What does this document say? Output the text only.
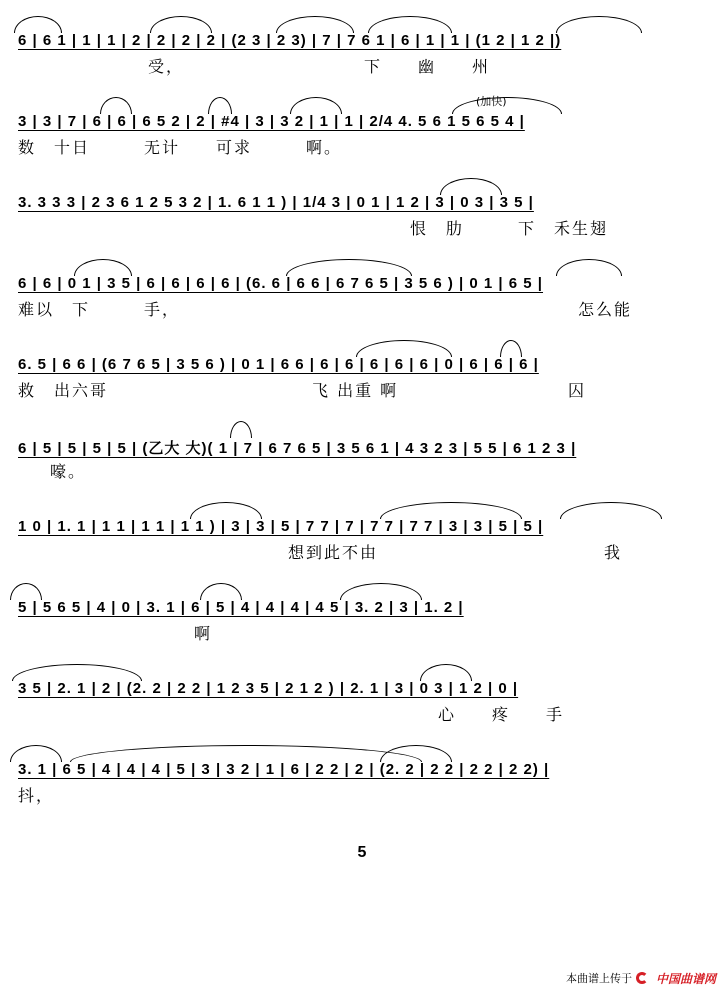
6 | 6 1 | 1 | 1 | 2 | 2 | 2 | 2 | (2 3 | 2 3) | 7 | 7 6 1 | 6 | 1 | 1 | (1 2 | 1 2 |)
受，	下　　幽　　州
3 | 3 | 7 | 6 | 6 | 6 5 2 | 2 | #4 | 3 | 3 2 | 1 | 1 | 2/4 4. 5 6 1 5 6 5 4 |
(加快)
数　十日　　　无计　　可求　　　啊。
3. 3 3 3 | 2 3 6 1 2 5 3 2 | 1. 6 1 1 ) | 1/4 3 | 0 1 | 1 2 | 3 | 0 3 | 3 5 |
恨　肋　　　下　禾生翅
6 | 6 | 0 1 | 3 5 | 6 | 6 | 6 | 6 | (6. 6 | 6 6 | 6 7 6 5 | 3 5 6 ) | 0 1 | 6 5 |
难以　下　　　手，	怎么能
6. 5 | 6 6 | (6 7 6 5 | 3 5 6 ) | 0 1 | 6 6 | 6 | 6 | 6 | 6 | 6 | 0 | 6 | 6 | 6 |
救　出六哥	飞 出重 啊	囚
6 | 5 | 5 | 5 | 5 | (乙大 大)( 1 | 7 | 6 7 6 5 | 3 5 6 1 | 4 3 2 3 | 5 5 | 6 1 2 3 |
嚎。
1 0 | 1. 1 | 1 1 | 1 1 | 1 1 ) | 3 | 3 | 5 | 7 7 | 7 | 7 7 | 7 7 | 3 | 3 | 5 | 5 |
想到此不由	我
5 | 5 6 5 | 4 | 0 | 3. 1 | 6 | 5 | 4 | 4 | 4 | 4 5 | 3. 2 | 3 | 1. 2 |
啊
3 5 | 2. 1 | 2 | (2. 2 | 2 2 | 1 2 3 5 | 2 1 2 ) | 2. 1 | 3 | 0 3 | 1 2 | 0 |
心　　疼　　手
3. 1 | 6 5 | 4 | 4 | 4 | 5 | 3 | 3 2 | 1 | 6 | 2 2 | 2 | (2. 2 | 2 2 | 2 2 | 2 2) |
抖，
5
本曲谱上传于 中国曲谱网
